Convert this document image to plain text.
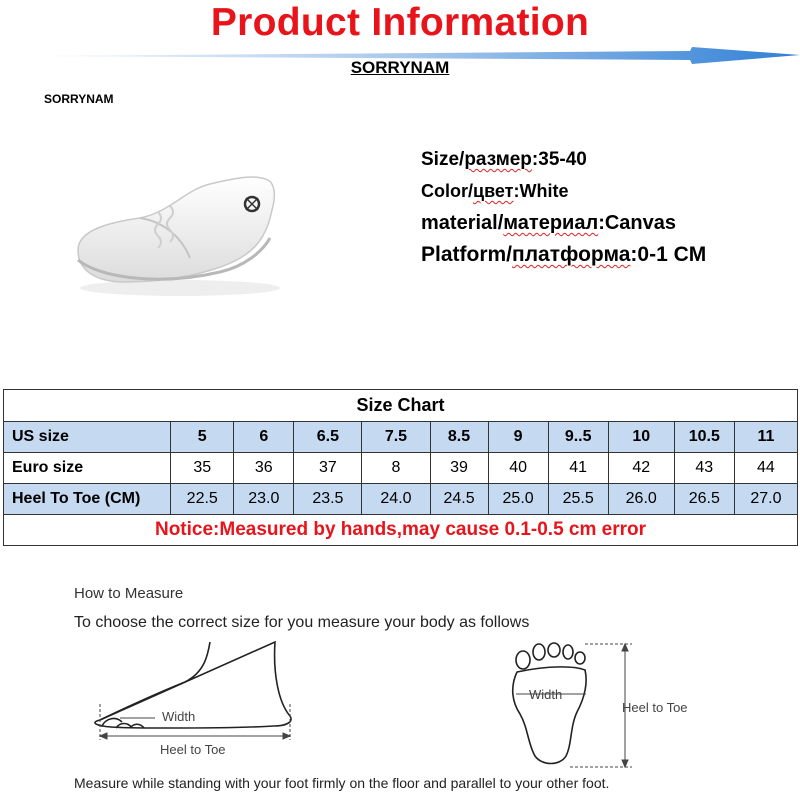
Product Information
SORRYNAM
SORRYNAM
Size/размер:35-40
Color/цвет:White
material/материал:Canvas
Platform/платформа:0-1 CM
Size Chart										
US size	5	6	6.5	7.5	8.5	9	9..5	10	10.5	11
Euro size	35	36	37	8	39	40	41	42	43	44
Heel To Toe (CM)	22.5	23.0	23.5	24.0	24.5	25.0	25.5	26.0	26.5	27.0
Notice:Measured by hands,may cause 0.1-0.5 cm error										
How to Measure
To choose the correct size for you measure your body as follows
Width
Heel to Toe
Width
Heel to Toe
Measure while standing with your foot firmly on the floor and parallel to your other foot.
